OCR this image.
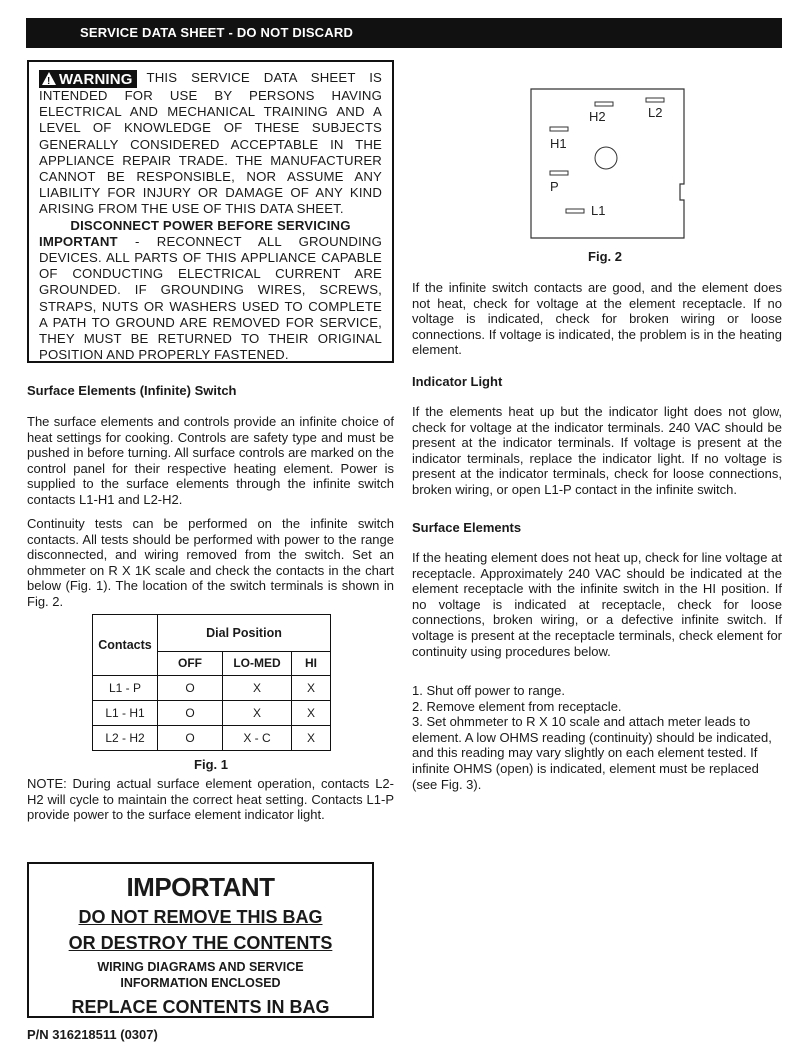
SERVICE DATA SHEET - DO NOT DISCARD

! WARNING THIS SERVICE DATA SHEET IS INTENDED FOR USE BY PERSONS HAVING ELECTRICAL AND MECHANICAL TRAINING AND A LEVEL OF KNOWLEDGE OF THESE SUBJECTS GENERALLY CONSIDERED ACCEPTABLE IN THE APPLIANCE REPAIR TRADE. THE MANUFACTURER CANNOT BE RESPONSIBLE, NOR ASSUME ANY LIABILITY FOR INJURY OR DAMAGE OF ANY KIND ARISING FROM THE USE OF THIS DATA SHEET.

DISCONNECT POWER BEFORE SERVICING

IMPORTANT - RECONNECT ALL GROUNDING DEVICES. ALL PARTS OF THIS APPLIANCE CAPABLE OF CONDUCTING ELECTRICAL CURRENT ARE GROUNDED. IF GROUNDING WIRES, SCREWS, STRAPS, NUTS OR WASHERS USED TO COMPLETE A PATH TO GROUND ARE REMOVED FOR SERVICE, THEY MUST BE RETURNED TO THEIR ORIGINAL POSITION AND PROPERLY FASTENED.

Surface Elements (Infinite) Switch
The surface elements and controls provide an infinite choice of heat settings for cooking. Controls are safety type and must be pushed in before turning. All surface controls are marked on the control panel for their respective heating element. Power is supplied to the surface elements through the infinite switch contacts L1-H1 and L2-H2.
Continuity tests can be performed on the infinite switch contacts. All tests should be performed with power to the range disconnected, and wiring removed from the switch. Set an ohmmeter on R X 1K scale and check the contacts in the chart below (Fig. 1). The location of the switch terminals is shown in Fig. 2.
Contacts	Dial Position		
	OFF	LO-MED	HI
L1 - P	O	X	X
L1 - H1	O	X	X
L2 - H2	O	X - C	X
Fig. 1
NOTE: During actual surface element operation, contacts L2-H2 will cycle to maintain the correct heat setting. Contacts L1-P provide power to the surface element indicator light.
H2	L2
H1
P
L1
Fig. 2
If the infinite switch contacts are good, and the element does not heat, check for voltage at the element receptacle. If no voltage is indicated, check for broken wiring or loose connections. If voltage is indicated, the problem is in the heating element.
Indicator Light
If the elements heat up but the indicator light does not glow, check for voltage at the indicator terminals. 240 VAC should be present at the indicator terminals. If voltage is present at the indicator terminals, replace the indicator light. If no voltage is present at the indicator terminals, check for loose connections, broken wiring, or open L1-P contact in the infinite switch.
Surface Elements
If the heating element does not heat up, check for line voltage at receptacle. Approximately 240 VAC should be indicated at the element receptacle with the infinite switch in the HI position. If no voltage is indicated at receptacle, check for loose connections, broken wiring, or a defective infinite switch. If voltage is present at the receptacle terminals, check element for continuity using procedures below.

1. Shut off power to range.

2. Remove element from receptacle.

3. Set ohmmeter to R X 10 scale and attach meter leads to element. A low OHMS reading (continuity) should be indicated, and this reading may vary slightly on each element tested. If infinite OHMS (open) is indicated, element must be replaced (see Fig. 3).

IMPORTANT
DO NOT REMOVE THIS BAG
OR DESTROY THE CONTENTS
WIRING DIAGRAMS AND SERVICE
INFORMATION ENCLOSED
REPLACE CONTENTS IN BAG
P/N 316218511 (0307)
